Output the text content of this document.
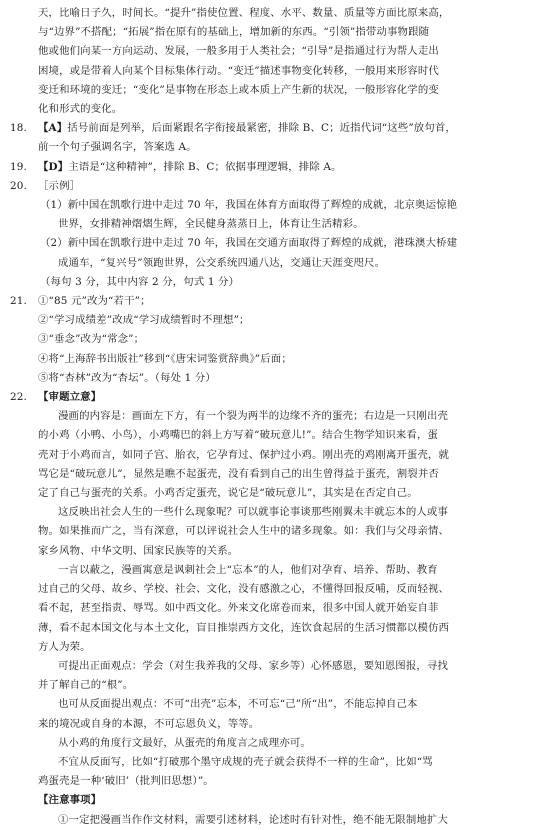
天，比喻日子久，时间长。“提升”指使位置、程度、水平、数量、质量等方面比原来高，

与“边界”不搭配；“拓展”指在原有的基础上，增加新的东西。“引领”指带动事物跟随

他或他们向某一方向运动、发展，一般多用于人类社会；“引导”是指通过行为帮人走出

困境，或是带着人向某个目标集体行动。“变迁”描述事物变化转移，一般用来形容时代

变迁和环境的变迁；“变化”是事物在形态上或本质上产生新的状况，一般形容化学的变

化和形式的变化。

18. 【A】括号前面是列举，后面紧跟名字衔接最紧密，排除 B、C；近指代词“这些”放句首，

前一个句子强调名字，答案选 A。

19. 【D】主语是“这种精神”，排除 B、C；依据事理逻辑，排除 A。

20. ［示例］

（1）新中国在凯歌行进中走过 70 年，我国在体育方面取得了辉煌的成就，北京奥运惊艳

世界，女排精神熠熠生辉，全民健身蒸蒸日上，体育让生活精彩。

（2）新中国在凯歌行进中走过 70 年，我国在交通方面取得了辉煌的成就，港珠澳大桥建

成通车，“复兴号”领跑世界，公交系统四通八达，交通让天涯变咫尺。

（每句 3 分，其中内容 2 分，句式 1 分）

21. ①“85 元”改为“若干”；

②“学习成绩差”改成“学习成绩暂时不理想”；

③“垂念”改为“常念”；

④将“上海辞书出版社”移到“《唐宋词鉴赏辞典》”后面；

⑤将“杏林”改为“杏坛”。（每处 1 分）

22. 【审题立意】

漫画的内容是：画面左下方，有一个裂为两半的边缘不齐的蛋壳；右边是一只刚出壳

的小鸡（小鸭、小鸟），小鸡嘴巴的斜上方写着“破玩意儿!”。结合生物学知识来看，蛋

壳对于小鸡而言，如同子宫、胎衣，它孕育过、保护过小鸡。刚出壳的鸡刚离开蛋壳，就

骂它是“破玩意儿”，显然是瞧不起蛋壳，没有看到自己的出生曾得益于蛋壳，割裂并否

定了自己与蛋壳的关系。小鸡否定蛋壳，说它是“破玩意儿”，其实是在否定自己。

这反映出社会人生的一些什么现象呢？可以就事论事谈那些刚翼未丰就忘本的人或事

物。如果推而广之，当有深意，可以评说社会人生中的诸多现象。如：我们与父母亲情、

家乡风物、中华文明、国家民族等的关系。

一言以蔽之，漫画寓意是讽刺社会上“忘本”的人，他们对孕育、培养、帮助、教育

过自己的父母、故乡、学校、社会、文化，没有感激之心，不懂得回报反哺，反而轻视、

看不起，甚至指责、辱骂。如中西文化。外来文化席卷而来，很多中国人就开始妄自菲

薄，看不起本国文化与本土文化，盲目推崇西方文化，连饮食起居的生活习惯都以模仿西

方人为荣。

可提出正面观点：学会（对生我养我的父母、家乡等）心怀感恩，要知恩图报，寻找

并了解自己的“根”。

也可从反面提出观点：不可“出壳”忘本，不可忘“己”所“出”，不能忘掉自己本

来的境况或自身的本源，不可忘恩负义，等等。

从小鸡的角度行文最好，从蛋壳的角度言之成理亦可。

不宜从反面写，比如“打破那个墨守成规的壳子就会获得不一样的生命”，比如“骂

鸡蛋壳是一种‘破旧’（批判旧思想）”。

【注意事项】

①一定把漫画当作作文材料，需要引述材料，论述时有针对性，绝不能无限制地扩大
